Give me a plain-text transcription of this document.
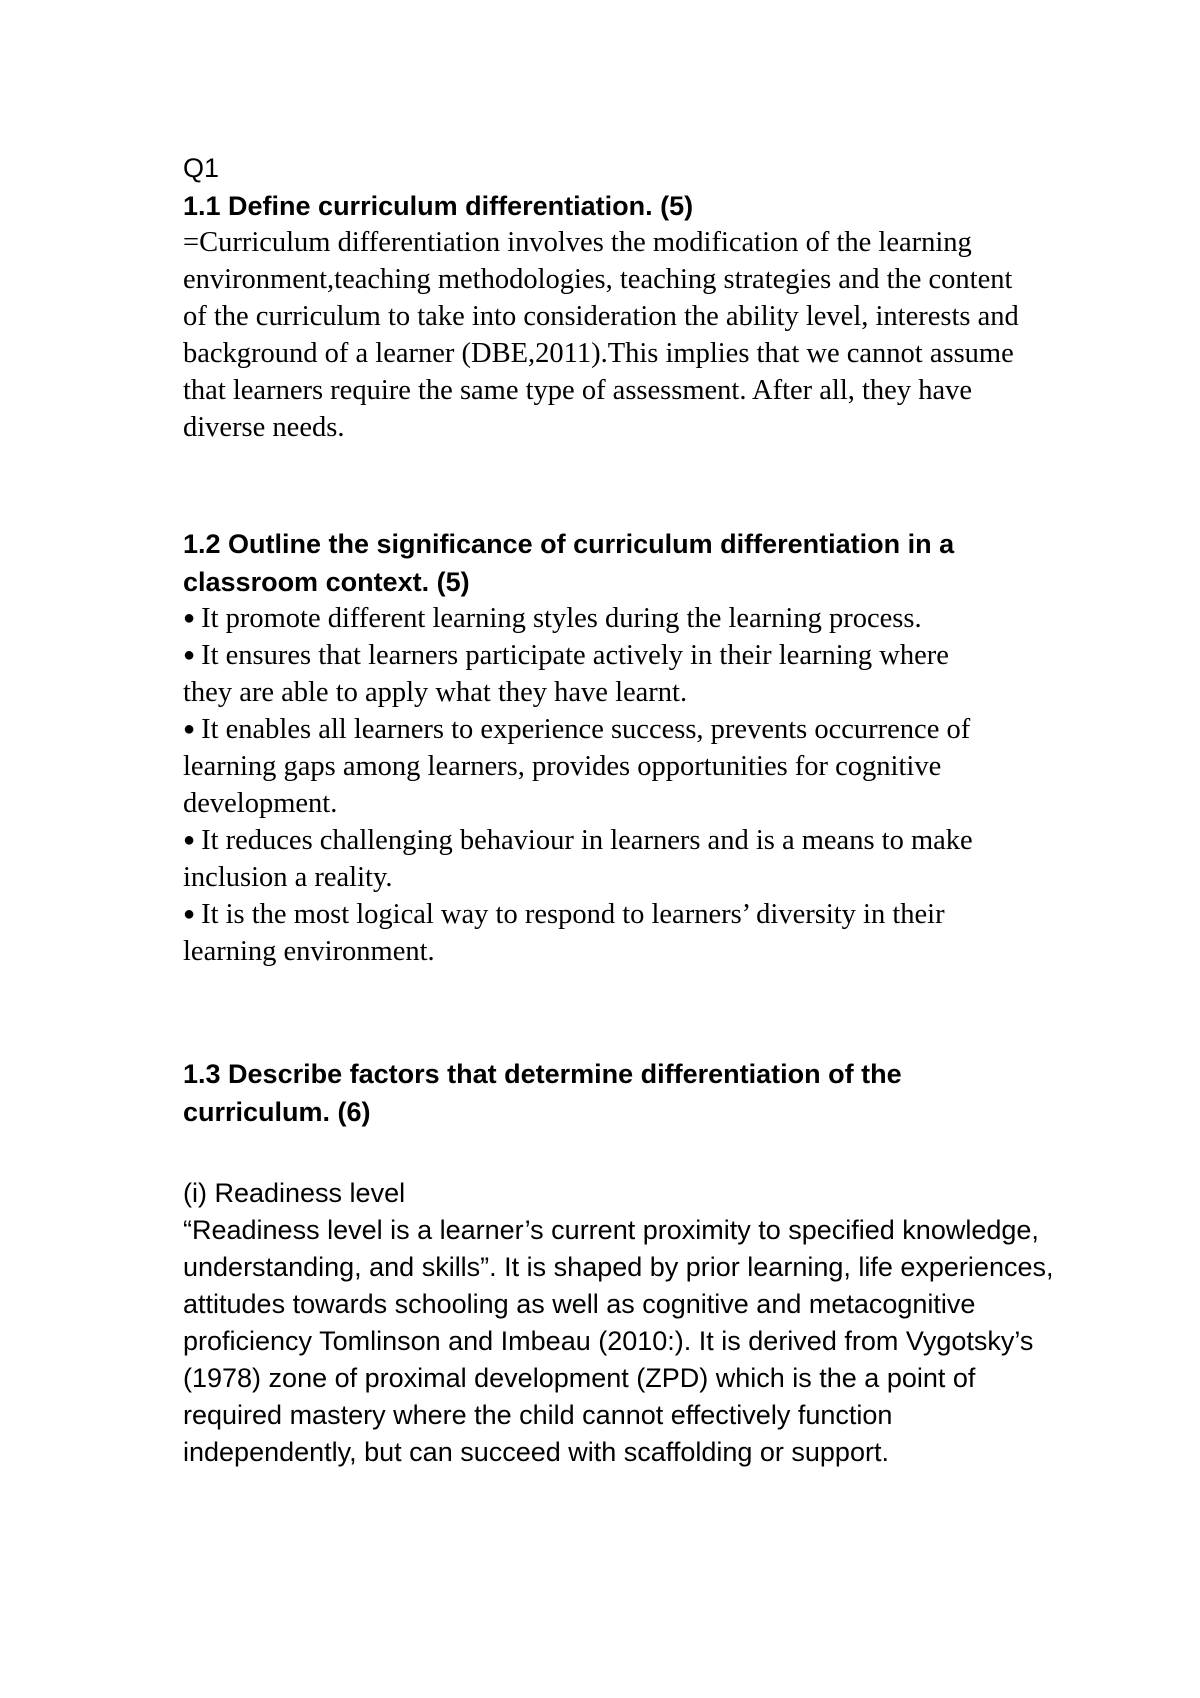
Q1
1.1 Define curriculum differentiation. (5)
=Curriculum differentiation involves the modification of the learning environment,teaching methodologies, teaching strategies and the content of the curriculum to take into consideration the ability level, interests and background of a learner (DBE,2011).This implies that we cannot assume that learners require the same type of assessment. After all, they have diverse needs.
1.2 Outline the significance of curriculum differentiation in a classroom context. (5)
● It promote different learning styles during the learning process.
● It ensures that learners participate actively in their learning where they are able to apply what they have learnt.
● It enables all learners to experience success, prevents occurrence of learning gaps among learners, provides opportunities for cognitive development.
● It reduces challenging behaviour in learners and is a means to make inclusion a reality.
● It is the most logical way to respond to learners’ diversity in their learning environment.
1.3 Describe factors that determine differentiation of the curriculum. (6)
(i) Readiness level
“Readiness level is a learner’s current proximity to specified knowledge, understanding, and skills”. It is shaped by prior learning, life experiences, attitudes towards schooling as well as cognitive and metacognitive proficiency Tomlinson and Imbeau (2010:). It is derived from Vygotsky’s (1978) zone of proximal development (ZPD) which is the a point of required mastery where the child cannot effectively function independently, but can succeed with scaffolding or support.
